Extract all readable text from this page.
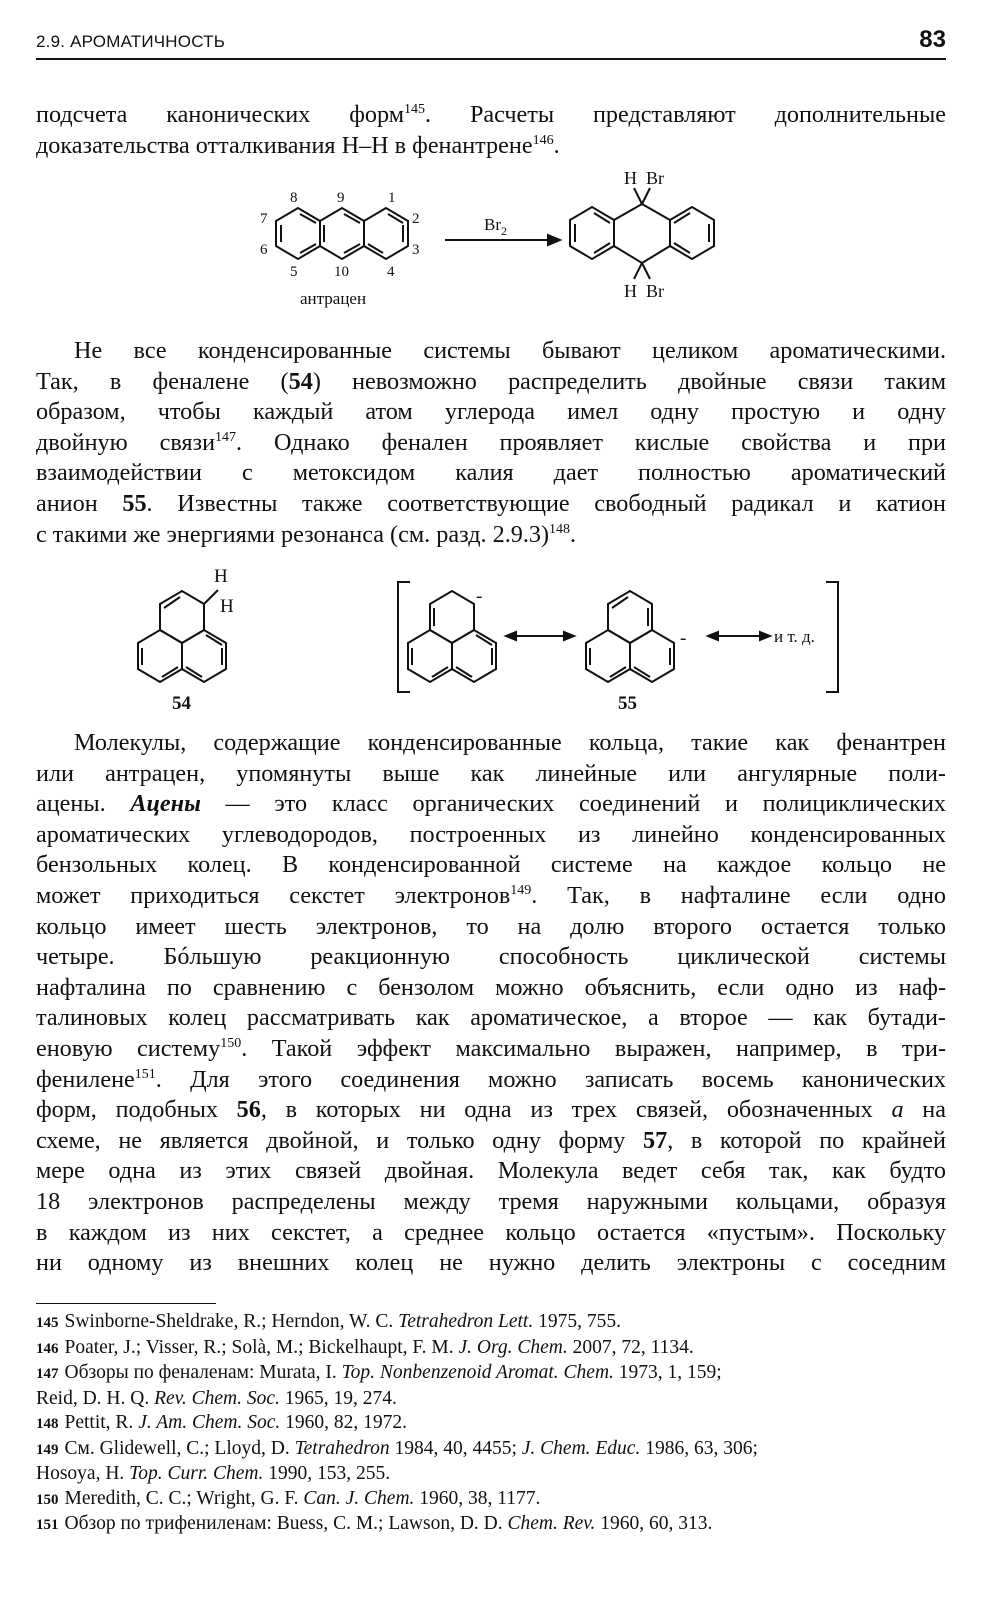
2.9. АРОМАТИЧНОСТЬ	83
подсчета канонических форм$^{145}$. Расчеты представляют дополнительные
доказательства отталкивания Н–Н в фенантрене$^{146}$.
8	9	1
7	2
6	3
5 10	4
антрацен
$Br_2$
H  Br
H  Br
Не все конденсированные системы бывают целиком ароматическими.
Так, в феналене (54) невозможно распределить двойные связи таким
образом, чтобы каждый атом углерода имел одну простую и одну
двойную связи$^{147}$. Однако фенален проявляет кислые свойства и при
взаимодействии с метоксидом калия дает полностью ароматический
анион 55. Известны также соответствующие свободный радикал и катион
с такими же энергиями резонанса (см. разд. 2.9.3)$^{148}$.
H
H	-
-	и т. д.
54	55
Молекулы, содержащие конденсированные кольца, такие как фенантрен
или антрацен, упомянуты выше как линейные или ангулярные поли-
ацены. Ацены — это класс органических соединений и полициклических
ароматических углеводородов, построенных из линейно конденсированных
бензольных колец. В конденсированной системе на каждое кольцо не
может приходиться секстет электронов$^{149}$. Так, в нафталине если одно
кольцо имеет шесть электронов, то на долю второго остается только
четыре. Бóльшую реакционную способность циклической системы
нафталина по сравнению с бензолом можно объяснить, если одно из наф-
талиновых колец рассматривать как ароматическое, а второе — как бутади-
еновую систему$^{150}$. Такой эффект максимально выражен, например, в три-
фенилене$^{151}$. Для этого соединения можно записать восемь канонических
форм, подобных 56, в которых ни одна из трех связей, обозначенных a на
схеме, не является двойной, и только одну форму 57, в которой по крайней
мере одна из этих связей двойная. Молекула ведет себя так, как будто
18 электронов распределены между тремя наружными кольцами, образуя
в каждом из них секстет, а среднее кольцо остается «пустым». Поскольку
ни одному из внешних колец не нужно делить электроны с соседним
145 Swinborne-Sheldrake, R.; Herndon, W. C. Tetrahedron Lett. 1975, 755.
146 Poater, J.; Visser, R.; Solà, M.; Bickelhaupt, F. M. J. Org. Chem. 2007, 72, 1134.
147 Обзоры по феналенам: Murata, I. Top. Nonbenzenoid Aromat. Chem. 1973, 1, 159;
Reid, D. H. Q. Rev. Chem. Soc. 1965, 19, 274.
148 Pettit, R. J. Am. Chem. Soc. 1960, 82, 1972.
149 См. Glidewell, C.; Lloyd, D. Tetrahedron 1984, 40, 4455; J. Chem. Educ. 1986, 63, 306;
Hosoya, H. Top. Curr. Chem. 1990, 153, 255.
150 Meredith, C. C.; Wright, G. F. Can. J. Chem. 1960, 38, 1177.
151 Обзор по трифениленам: Buess, C. M.; Lawson, D. D. Chem. Rev. 1960, 60, 313.
